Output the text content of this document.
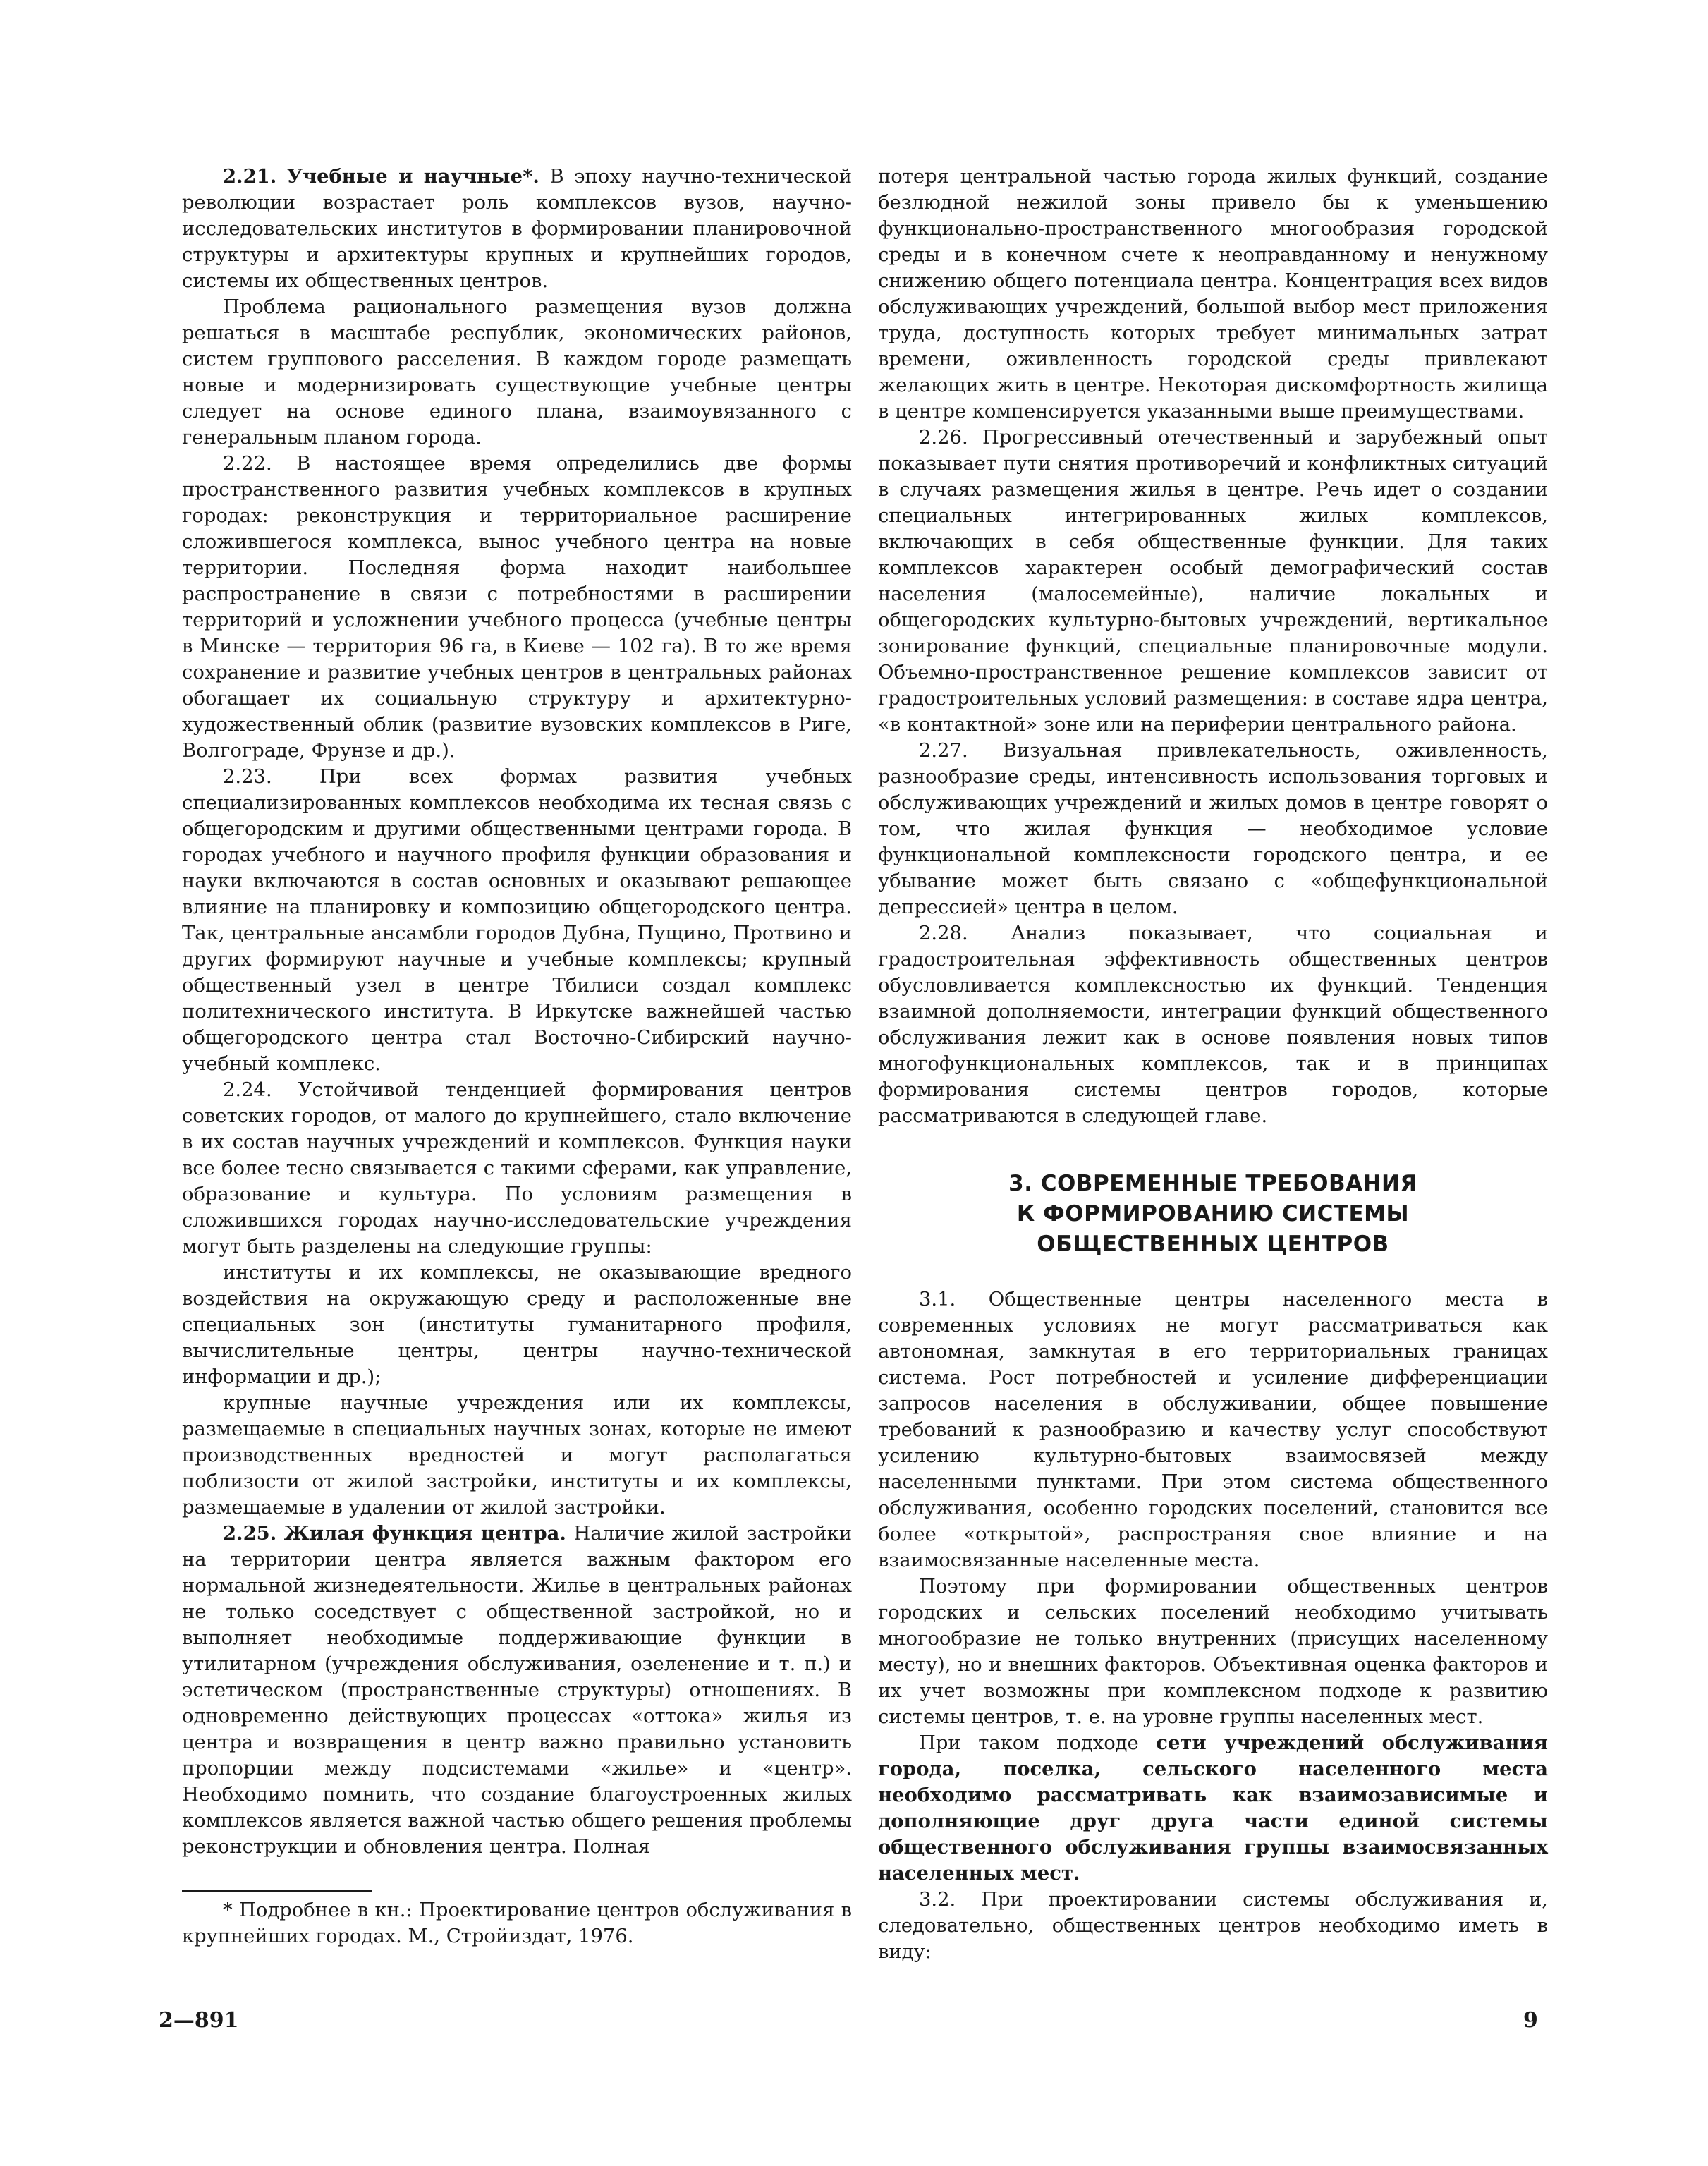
2.21. Учебные и научные*. В эпоху научно-технической революции возрастает роль комплексов вузов, научно-исследовательских институтов в формировании планировочной структуры и архитектуры крупных и крупнейших городов, системы их общественных центров.

Проблема рационального размещения вузов должна решаться в масштабе республик, экономических районов, систем группового расселения. В каждом городе размещать новые и модернизировать существующие учебные центры следует на основе единого плана, взаимоувязанного с генеральным планом города.

2.22. В настоящее время определились две формы пространственного развития учебных комплексов в крупных городах: реконструкция и территориальное расширение сложившегося комплекса, вынос учебного центра на новые территории. Последняя форма находит наибольшее распространение в связи с потребностями в расширении территорий и усложнении учебного процесса (учебные центры в Минске — территория 96 га, в Киеве — 102 га). В то же время сохранение и развитие учебных центров в центральных районах обогащает их социальную структуру и архитектурно-художественный облик (развитие вузовских комплексов в Риге, Волгограде, Фрунзе и др.).

2.23. При всех формах развития учебных специализированных комплексов необходима их тесная связь с общегородским и другими общественными центрами города. В городах учебного и научного профиля функции образования и науки включаются в состав основных и оказывают решающее влияние на планировку и композицию общегородского центра. Так, центральные ансамбли городов Дубна, Пущино, Протвино и других формируют научные и учебные комплексы; крупный общественный узел в центре Тбилиси создал комплекс политехнического института. В Иркутске важнейшей частью общегородского центра стал Восточно-Сибирский научно-учебный комплекс.

2.24. Устойчивой тенденцией формирования центров советских городов, от малого до крупнейшего, стало включение в их состав научных учреждений и комплексов. Функция науки все более тесно связывается с такими сферами, как управление, образование и культура. По условиям размещения в сложившихся городах научно-исследовательские учреждения могут быть разделены на следующие группы:

институты и их комплексы, не оказывающие вредного воздействия на окружающую среду и расположенные вне специальных зон (институты гуманитарного профиля, вычислительные центры, центры научно-технической информации и др.);

крупные научные учреждения или их комплексы, размещаемые в специальных научных зонах, которые не имеют производственных вредностей и могут располагаться поблизости от жилой застройки, институты и их комплексы, размещаемые в удалении от жилой застройки.

2.25. Жилая функция центра. Наличие жилой застройки на территории центра является важным фактором его нормальной жизнедеятельности. Жилье в центральных районах не только соседствует с общественной застройкой, но и выполняет необходимые поддерживающие функции в утилитарном (учреждения обслуживания, озеленение и т. п.) и эстетическом (пространственные структуры) отношениях. В одновременно действующих процессах «оттока» жилья из центра и возвращения в центр важно правильно установить пропорции между подсистемами «жилье» и «центр». Необходимо помнить, что создание благоустроенных жилых комплексов является важной частью общего решения проблемы реконструкции и обновления центра. Полная

* Подробнее в кн.: Проектирование центров обслуживания в крупнейших городах. М., Стройиздат, 1976.

потеря центральной частью города жилых функций, создание безлюдной нежилой зоны привело бы к уменьшению функционально-пространственного многообразия городской среды и в конечном счете к неоправданному и ненужному снижению общего потенциала центра. Концентрация всех видов обслуживающих учреждений, большой выбор мест приложения труда, доступность которых требует минимальных затрат времени, оживленность городской среды привлекают желающих жить в центре. Некоторая дискомфортность жилища в центре компенсируется указанными выше преимуществами.

2.26. Прогрессивный отечественный и зарубежный опыт показывает пути снятия противоречий и конфликтных ситуаций в случаях размещения жилья в центре. Речь идет о создании специальных интегрированных жилых комплексов, включающих в себя общественные функции. Для таких комплексов характерен особый демографический состав населения (малосемейные), наличие локальных и общегородских культурно-бытовых учреждений, вертикальное зонирование функций, специальные планировочные модули. Объемно-пространственное решение комплексов зависит от градостроительных условий размещения: в составе ядра центра, «в контактной» зоне или на периферии центрального района.

2.27. Визуальная привлекательность, оживленность, разнообразие среды, интенсивность использования торговых и обслуживающих учреждений и жилых домов в центре говорят о том, что жилая функция — необходимое условие функциональной комплексности городского центра, и ее убывание может быть связано с «общефункциональной депрессией» центра в целом.

2.28. Анализ показывает, что социальная и градостроительная эффективность общественных центров обусловливается комплексностью их функций. Тенденция взаимной дополняемости, интеграции функций общественного обслуживания лежит как в основе появления новых типов многофункциональных комплексов, так и в принципах формирования системы центров городов, которые рассматриваются в следующей главе.

3. СОВРЕМЕННЫЕ ТРЕБОВАНИЯ
К ФОРМИРОВАНИЮ СИСТЕМЫ
ОБЩЕСТВЕННЫХ ЦЕНТРОВ

3.1. Общественные центры населенного места в современных условиях не могут рассматриваться как автономная, замкнутая в его территориальных границах система. Рост потребностей и усиление дифференциации запросов населения в обслуживании, общее повышение требований к разнообразию и качеству услуг способствуют усилению культурно-бытовых взаимосвязей между населенными пунктами. При этом система общественного обслуживания, особенно городских поселений, становится все более «открытой», распространяя свое влияние и на взаимосвязанные населенные места.

Поэтому при формировании общественных центров городских и сельских поселений необходимо учитывать многообразие не только внутренних (присущих населенному месту), но и внешних факторов. Объективная оценка факторов и их учет возможны при комплексном подходе к развитию системы центров, т. е. на уровне группы населенных мест.

При таком подходе сети учреждений обслуживания города, поселка, сельского населенного места необходимо рассматривать как взаимозависимые и дополняющие друг друга части единой системы общественного обслуживания группы взаимосвязанных населенных мест.

3.2. При проектировании системы обслуживания и, следовательно, общественных центров необходимо иметь в виду:

2—891	9
